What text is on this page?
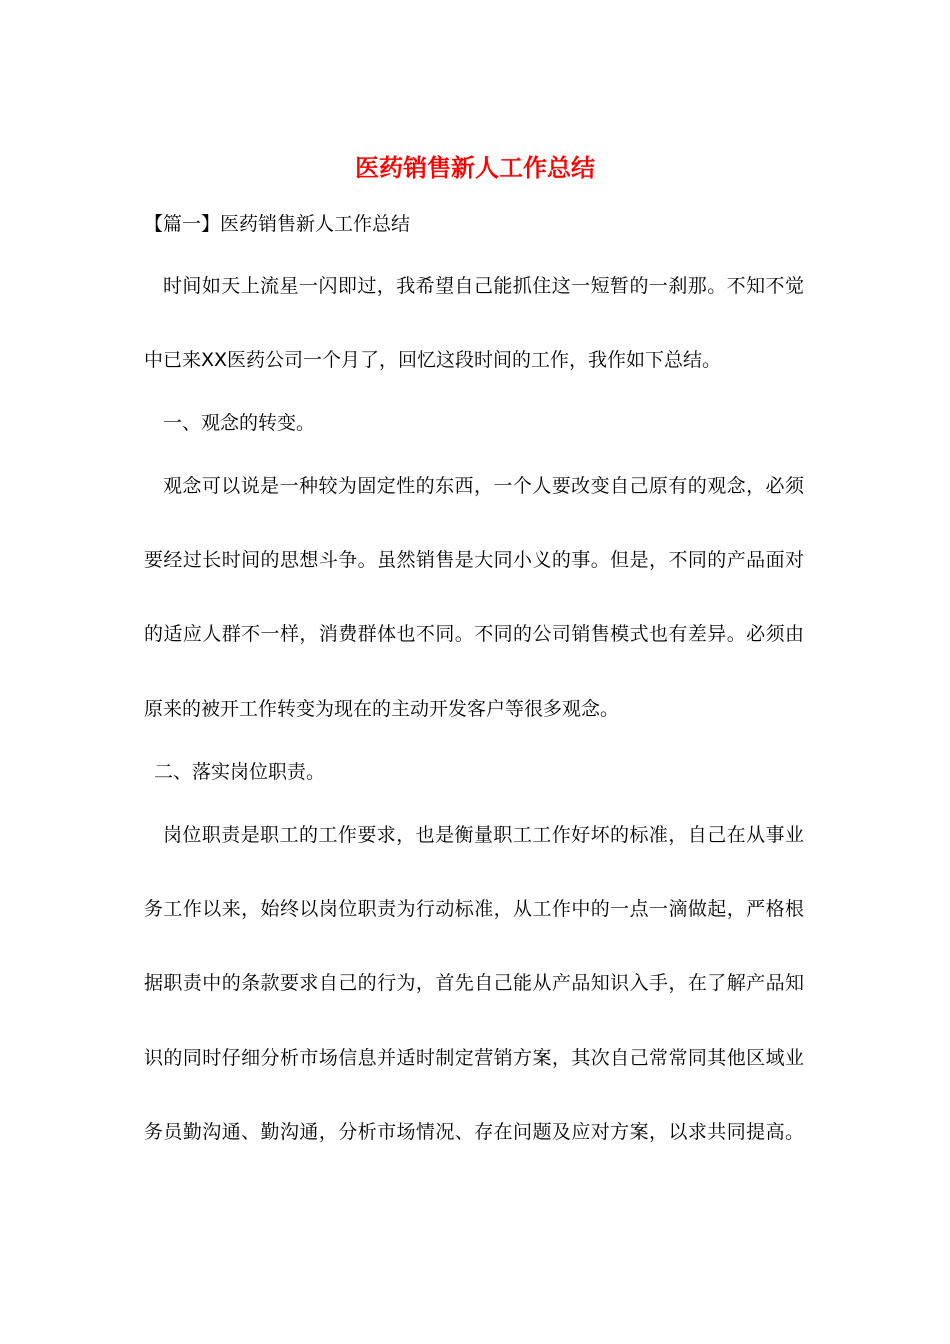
医药销售新人工作总结

【篇一】医药销售新人工作总结

时间如天上流星一闪即过，我希望自己能抓住这一短暂的一刹那。不知不觉

中已来XX医药公司一个月了，回忆这段时间的工作，我作如下总结。

一、观念的转变。

观念可以说是一种较为固定性的东西，一个人要改变自己原有的观念，必须

要经过长时间的思想斗争。虽然销售是大同小义的事。但是，不同的产品面对

的适应人群不一样，消费群体也不同。不同的公司销售模式也有差异。必须由

原来的被开工作转变为现在的主动开发客户等很多观念。

二、落实岗位职责。

岗位职责是职工的工作要求，也是衡量职工工作好坏的标准，自己在从事业

务工作以来，始终以岗位职责为行动标准，从工作中的一点一滴做起，严格根

据职责中的条款要求自己的行为，首先自己能从产品知识入手，在了解产品知

识的同时仔细分析市场信息并适时制定营销方案，其次自己常常同其他区域业

务员勤沟通、勤沟通，分析市场情况、存在问题及应对方案，以求共同提高。
